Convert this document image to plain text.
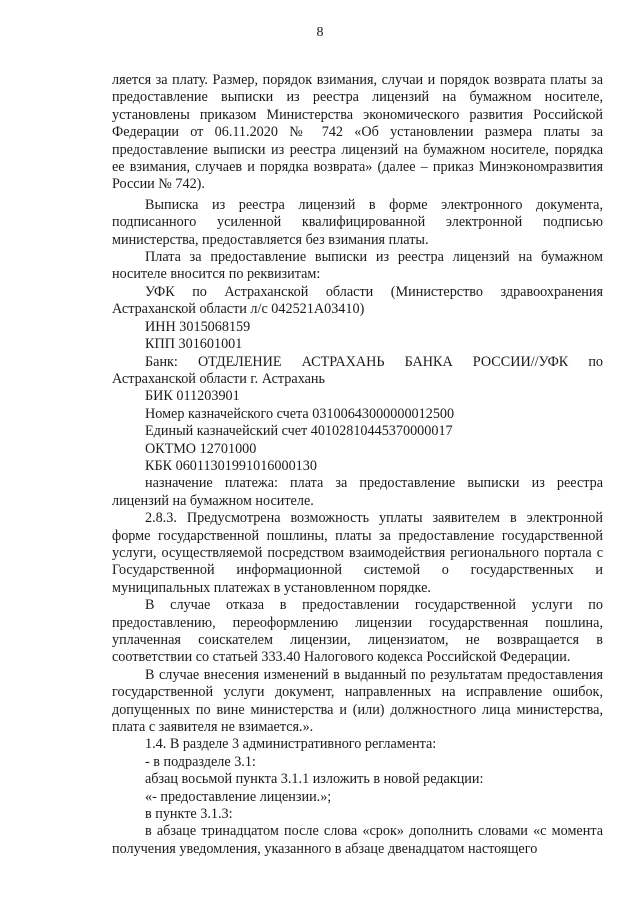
8

ляется за плату. Размер, порядок взимания, случаи и порядок возврата платы за предоставление выписки из реестра лицензий на бумажном носителе, установлены приказом Министерства экономического развития Российской Федерации от 06.11.2020 № 742 «Об установлении размера платы за предоставление выписки из реестра лицензий на бумажном носителе, порядка ее взимания, случаев и порядка возврата» (далее – приказ Минэкономразвития России № 742).

Выписка из реестра лицензий в форме электронного документа, подписанного усиленной квалифицированной электронной подписью министерства, предоставляется без взимания платы.

Плата за предоставление выписки из реестра лицензий на бумажном носителе вносится по реквизитам:

УФК по Астраханской области (Министерство здравоохранения Астраханской области л/с 042521A03410)

ИНН 3015068159

КПП 301601001

Банк: ОТДЕЛЕНИЕ АСТРАХАНЬ БАНКА РОССИИ//УФК по Астраханской области г. Астрахань

БИК 011203901

Номер казначейского счета 03100643000000012500

Единый казначейский счет 40102810445370000017

ОКТМО 12701000

КБК 06011301991016000130

назначение платежа: плата за предоставление выписки из реестра лицензий на бумажном носителе.

2.8.3. Предусмотрена возможность уплаты заявителем в электронной форме государственной пошлины, платы за предоставление государственной услуги, осуществляемой посредством взаимодействия регионального портала с Государственной информационной системой о государственных и муниципальных платежах в установленном порядке.

В случае отказа в предоставлении государственной услуги по предоставлению, переоформлению лицензии государственная пошлина, уплаченная соискателем лицензии, лицензиатом, не возвращается в соответствии со статьей 333.40 Налогового кодекса Российской Федерации.

В случае внесения изменений в выданный по результатам предоставления государственной услуги документ, направленных на исправление ошибок, допущенных по вине министерства и (или) должностного лица министерства, плата с заявителя не взимается.».

1.4. В разделе 3 административного регламента:

- в подразделе 3.1:

абзац восьмой пункта 3.1.1 изложить в новой редакции:

«- предоставление лицензии.»;

в пункте 3.1.3:

в абзаце тринадцатом после слова «срок» дополнить словами «с момента получения уведомления, указанного в абзаце двенадцатом настоящего
